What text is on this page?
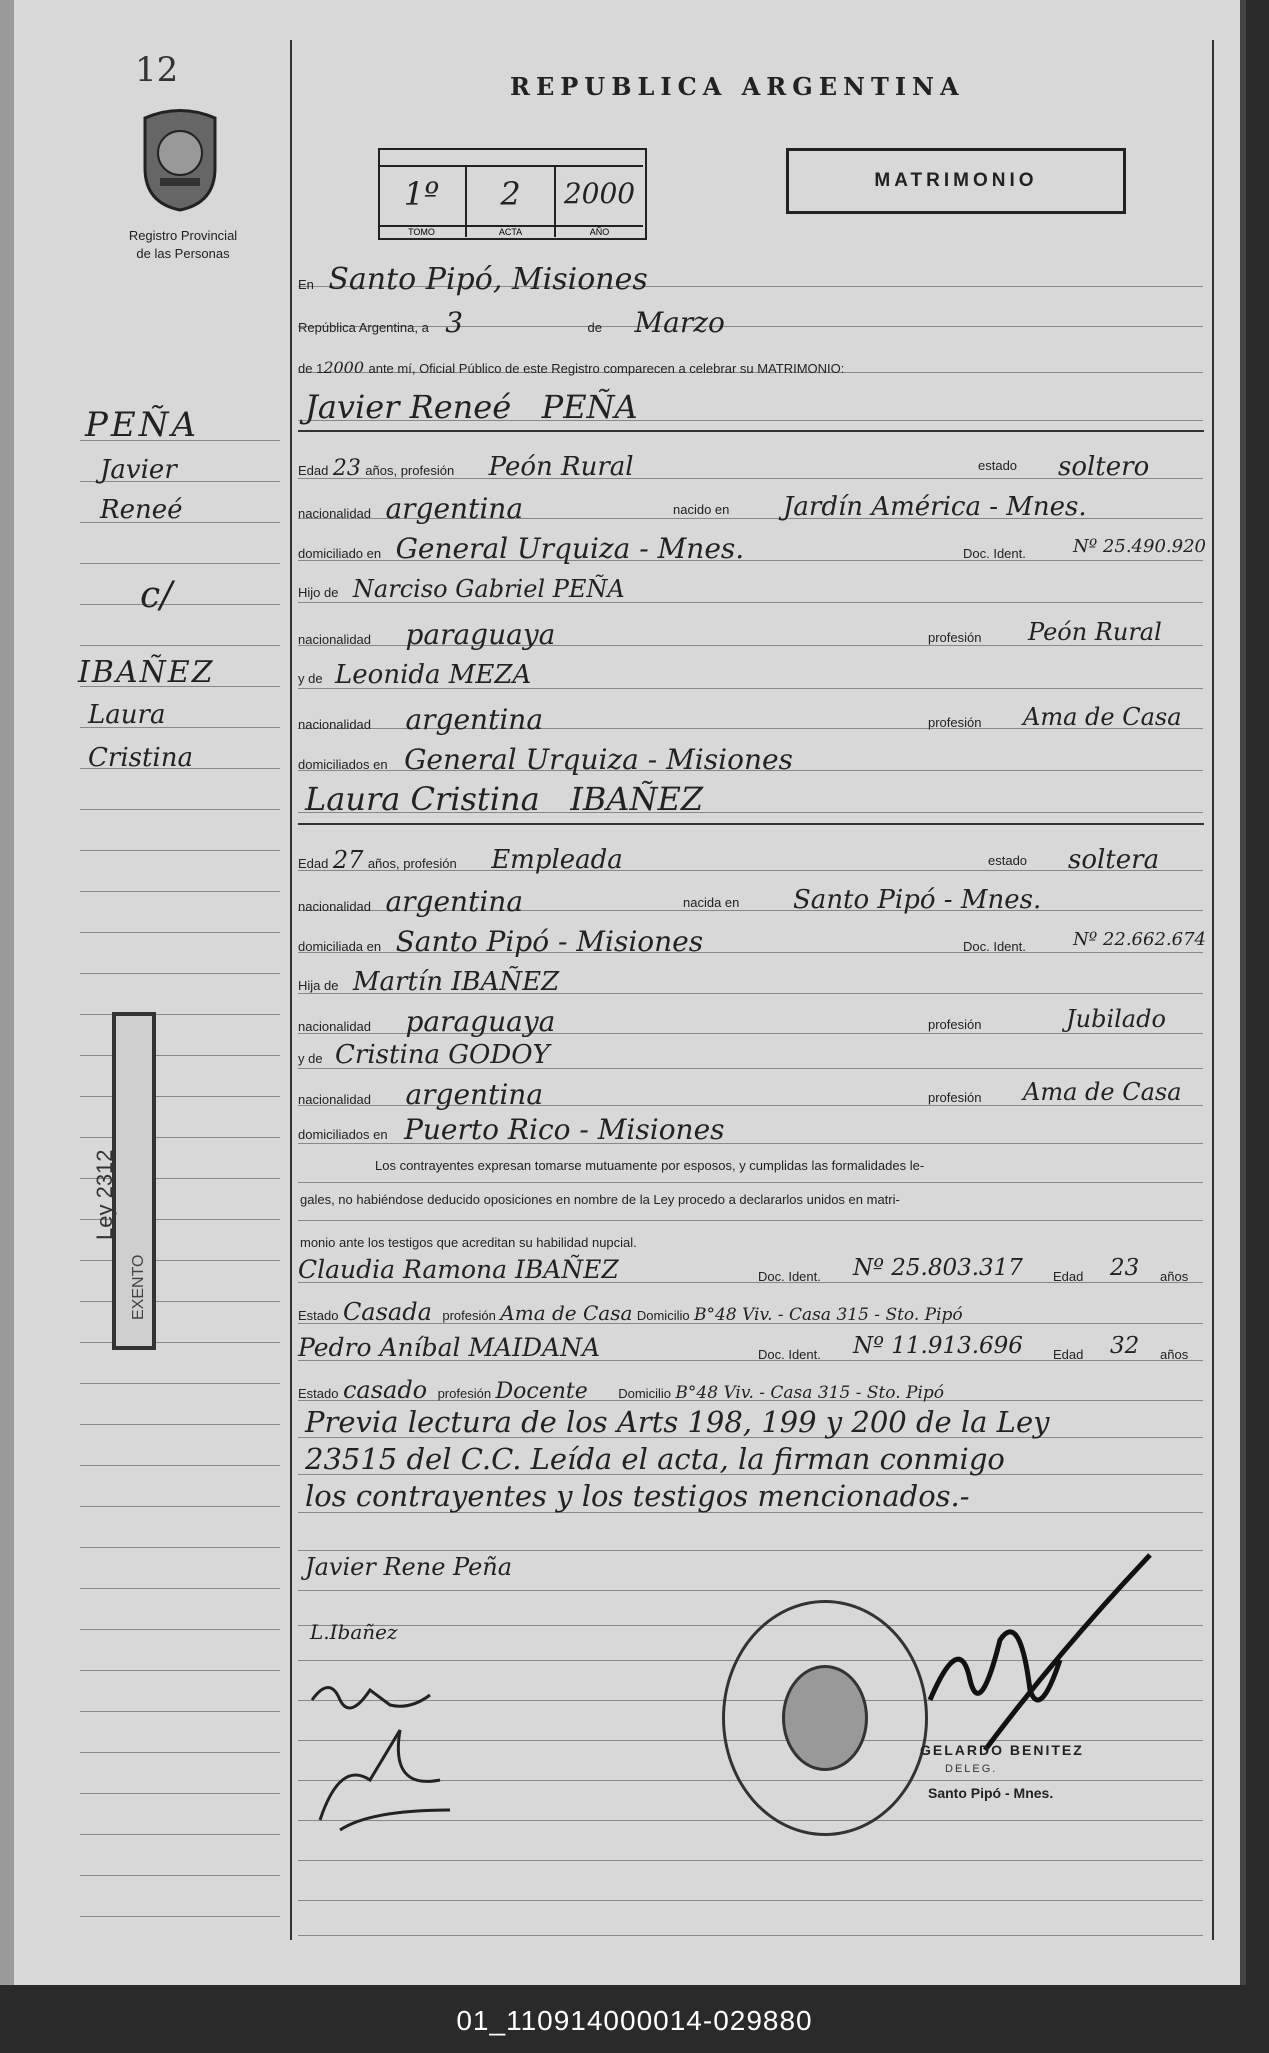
12
Registro Provincial
de las Personas
PEÑA
Javier
Reneé
c/
IBAÑEZ
Laura
Cristina
Ley 2312
EXENTO
REPUBLICA ARGENTINA
1º
TOMO
2
ACTA
2000
AÑO
MATRIMONIO
En Santo Pipó, Misiones
República Argentina, a 3	de Marzo
de 12000 ante mí, Oficial Público de este Registro comparecen a celebrar su MATRIMONIO:
Javier Reneé   PEÑA
Edad 23 años, profesión Peón Rural	estado soltero
nacionalidad argentina	nacido en Jardín América - Mnes.
domiciliado en General Urquiza - Mnes.	Doc. Ident.	Nº 25.490.920
Hijo de Narciso Gabriel PEÑA
nacionalidad paraguaya	profesión Peón Rural
y de Leonida MEZA
nacionalidad argentina	profesión Ama de Casa
domiciliados en General Urquiza - Misiones
Laura Cristina   IBAÑEZ
Edad 27 años, profesión Empleada	estado soltera
nacionalidad argentina	nacida en Santo Pipó - Mnes.
domiciliada en Santo Pipó - Misiones	Doc. Ident.	Nº 22.662.674
Hija de Martín IBAÑEZ
nacionalidad paraguaya	profesión	Jubilado
y de Cristina GODOY
nacionalidad argentina	profesión Ama de Casa
domiciliados en Puerto Rico - Misiones
Los contrayentes expresan tomarse mutuamente por esposos, y cumplidas las formalidades le-
gales, no habiéndose deducido oposiciones en nombre de la Ley procedo a declararlos unidos en matri-
monio ante los testigos que acreditan su habilidad nupcial.
Claudia Ramona IBAÑEZ	Doc. Ident. Nº 25.803.317 Edad 23 años
Estado Casada profesión Ama de Casa Domicilio B°48 Viv. - Casa 315 - Sto. Pipó
Pedro Aníbal MAIDANA	Doc. Ident. Nº 11.913.696 Edad 32 años
Estado casado profesión Docente Domicilio B°48 Viv. - Casa 315 - Sto. Pipó
Previa lectura de los Arts 198, 199 y 200 de la Ley
23515 del C.C. Leída el acta, la firman conmigo
los contrayentes y los testigos mencionados.-
Javier Rene Peña
L.Ibañez
GELARDO BENITEZ
DELEG.
Santo Pipó - Mnes.
01_110914000014-029880
